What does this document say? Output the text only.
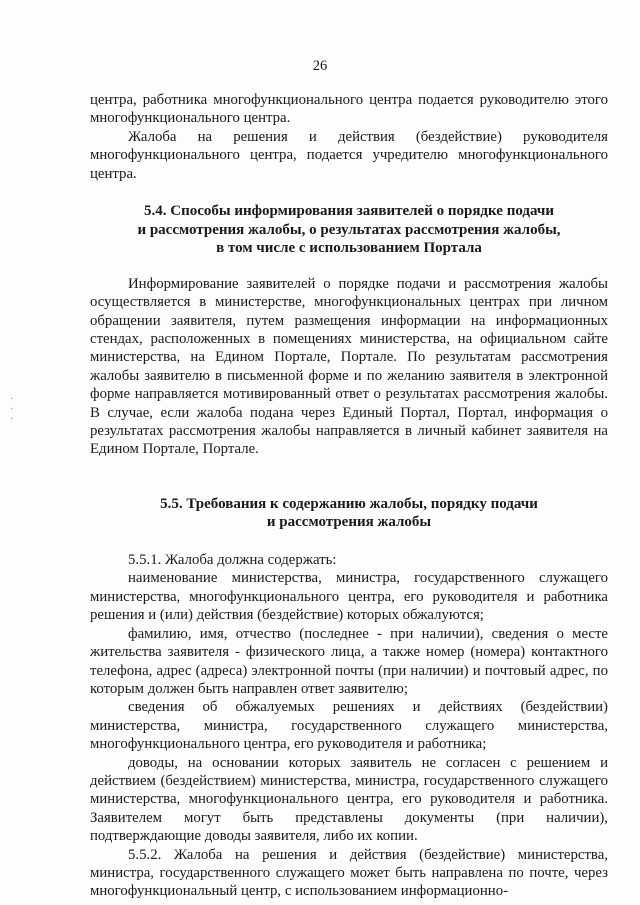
26

центра, работника многофункционального центра подается руководителю этого многофункционального центра.

Жалоба на решения и действия (бездействие) руководителя многофункционального центра, подается учредителю многофункционального центра.

5.4. Способы информирования заявителей о порядке подачи
и рассмотрения жалобы, о результатах рассмотрения жалобы,
в том числе с использованием Портала

Информирование заявителей о порядке подачи и рассмотрения жалобы осуществляется в министерстве, многофункциональных центрах при личном обращении заявителя, путем размещения информации на информационных стендах, расположенных в помещениях министерства, на официальном сайте министерства, на Едином Портале, Портале. По результатам рассмотрения жалобы заявителю в письменной форме и по желанию заявителя в электронной форме направляется мотивированный ответ о результатах рассмотрения жалобы. В случае, если жалоба подана через Единый Портал, Портал, информация о результатах рассмотрения жалобы направляется в личный кабинет заявителя на Едином Портале, Портале.

5.5. Требования к содержанию жалобы, порядку подачи
и рассмотрения жалобы

5.5.1. Жалоба должна содержать:

наименование министерства, министра, государственного служащего министерства, многофункционального центра, его руководителя и работника решения и (или) действия (бездействие) которых обжалуются;

фамилию, имя, отчество (последнее - при наличии), сведения о месте жительства заявителя - физического лица, а также номер (номера) контактного телефона, адрес (адреса) электронной почты (при наличии) и почтовый адрес, по которым должен быть направлен ответ заявителю;

сведения об обжалуемых решениях и действиях (бездействии) министерства, министра, государственного служащего министерства, многофункционального центра, его руководителя и работника;

доводы, на основании которых заявитель не согласен с решением и действием (бездействием) министерства, министра, государственного служащего министерства, многофункционального центра, его руководителя и работника. Заявителем могут быть представлены документы (при наличии), подтверждающие доводы заявителя, либо их копии.

5.5.2. Жалоба на решения и действия (бездействие) министерства, министра, государственного служащего может быть направлена по почте, через многофункциональный центр, с использованием информационно-

·
·
·
